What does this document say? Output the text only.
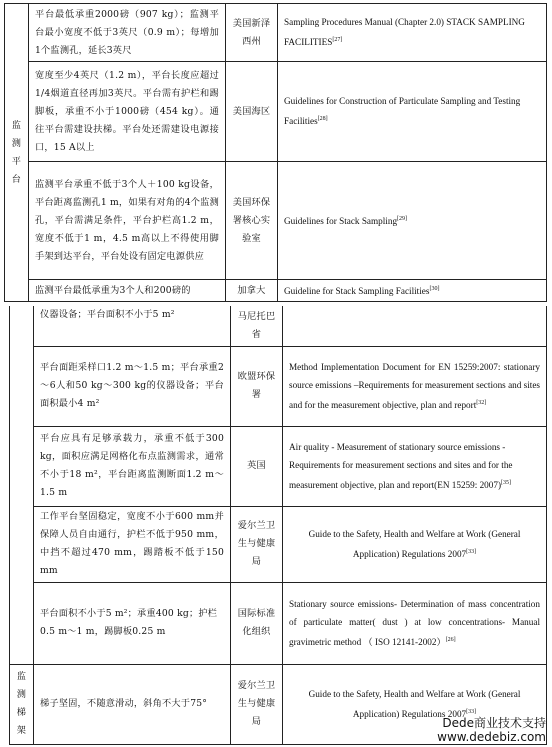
监
测
平
台	平台最低承重2000磅（907 kg）；监测平台最小宽度不低于3英尺（0.9 m）；每增加1个监测孔，延长3英尺	美国新泽西州	Sampling Procedures Manual (Chapter 2.0) STACK SAMPLING FACILITIES[27]
	宽度至少4英尺（1.2 m），平台长度应超过1/4烟道直径再加3英尺。平台需有护栏和踢脚板，承重不小于1000磅（454 kg）。通往平台需建设扶梯。平台处还需建设电源接口，15 A以上	美国海区	Guidelines for Construction of Particulate Sampling and Testing Facilities[28]
	监测平台承重不低于3个人＋100 kg设备，平台距离监测孔1 m，如果有对角的4个监测孔，平台需满足条件，平台护栏高1.2 m，宽度不低于1 m，4.5 m高以上不得使用脚手架到达平台，平台处设有固定电源供应	美国环保署核心实验室	Guidelines for Stack Sampling[29]
	监测平台最低承重为3个人和200磅的	加拿大	Guideline for Stack Sampling Facilities[30]
	仪器设备；平台面积不小于5 m²	马尼托巴省	
	平台面距采样口1.2 m～1.5 m；平台承重2～6人和50 kg～300 kg的仪器设备；平台面积最小4 m²	欧盟环保署	Method Implementation Document for EN 15259:2007: stationary source emissions –Requirements for measurement sections and sites and for the measurement objective, plan and report[32]
	平台应具有足够承载力，承重不低于300 kg，面积应满足网格化布点监测需求，通常不小于18 m²，平台距离监测断面1.2 m～1.5 m	英国	Air quality - Measurement of stationary source emissions - Requirements for measurement sections and sites and for the measurement objective, plan and report(EN 15259: 2007)[35]
	工作平台坚固稳定，宽度不小于600 mm并保障人员自由通行，护栏不低于950 mm，中挡不超过470 mm，踢踏板不低于150 mm	爱尔兰卫生与健康局	Guide to the Safety, Health and Welfare at Work (General Application) Regulations 2007[33]
	平台面积不小于5 m²；承重400 kg；护栏0.5 m～1 m，踢脚板0.25 m	国际标准化组织	Stationary source emissions- Determination of mass concentration of particulate matter( dust ) at low concentrations- Manual gravimetric method （ ISO 12141-2002）[26]

监
测
梯
架	梯子坚固，不随意滑动，斜角不大于75°	爱尔兰卫生与健康局	Guide to the Safety, Health and Welfare at Work (General Application) Regulations 2007[33]
Dede商业技术支持
www.dedebiz.com
